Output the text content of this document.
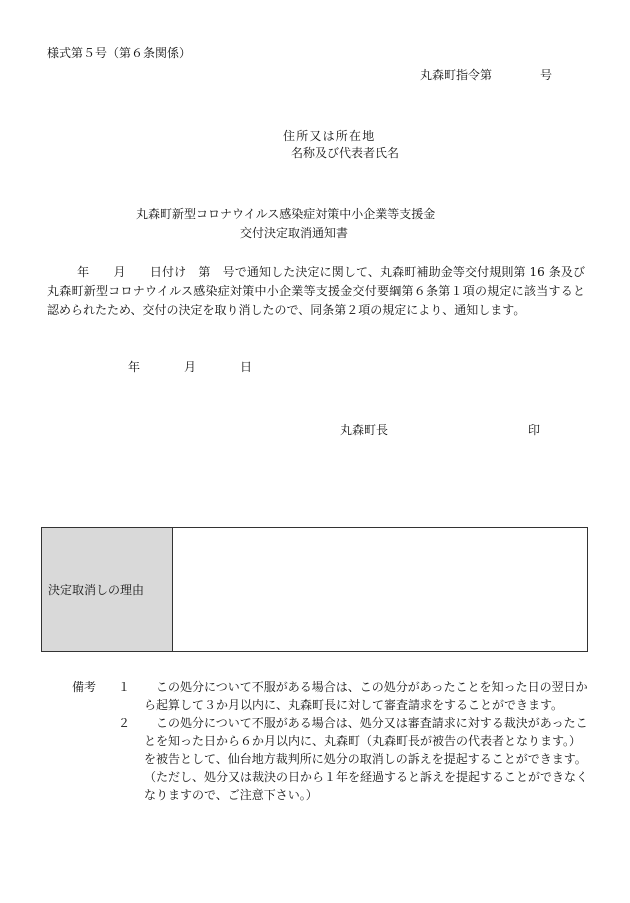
様式第５号（第６条関係）
丸森町指令第	号
住所又は所在地
名称及び代表者氏名
丸森町新型コロナウイルス感染症対策中小企業等支援金
交付決定取消通知書
年　　月　　日付け　第　号で通知した決定に関して、丸森町補助金等交付規則第 16 条及び丸森町新型コロナウイルス感染症対策中小企業等支援金交付要綱第６条第１項の規定に該当すると認められたため、交付の決定を取り消したので、同条第２項の規定により、通知します。
年	月	日
丸森町長	印
決定取消しの理由
備考 １	この処分について不服がある場合は、この処分があったことを知った日の翌日から起算して３か月以内に、丸森町長に対して審査請求をすることができます。
２	この処分について不服がある場合は、処分又は審査請求に対する裁決があったことを知った日から６か月以内に、丸森町（丸森町長が被告の代表者となります。）を被告として、仙台地方裁判所に処分の取消しの訴えを提起することができます。（ただし、処分又は裁決の日から１年を経過すると訴えを提起することができなくなりますので、ご注意下さい。）
